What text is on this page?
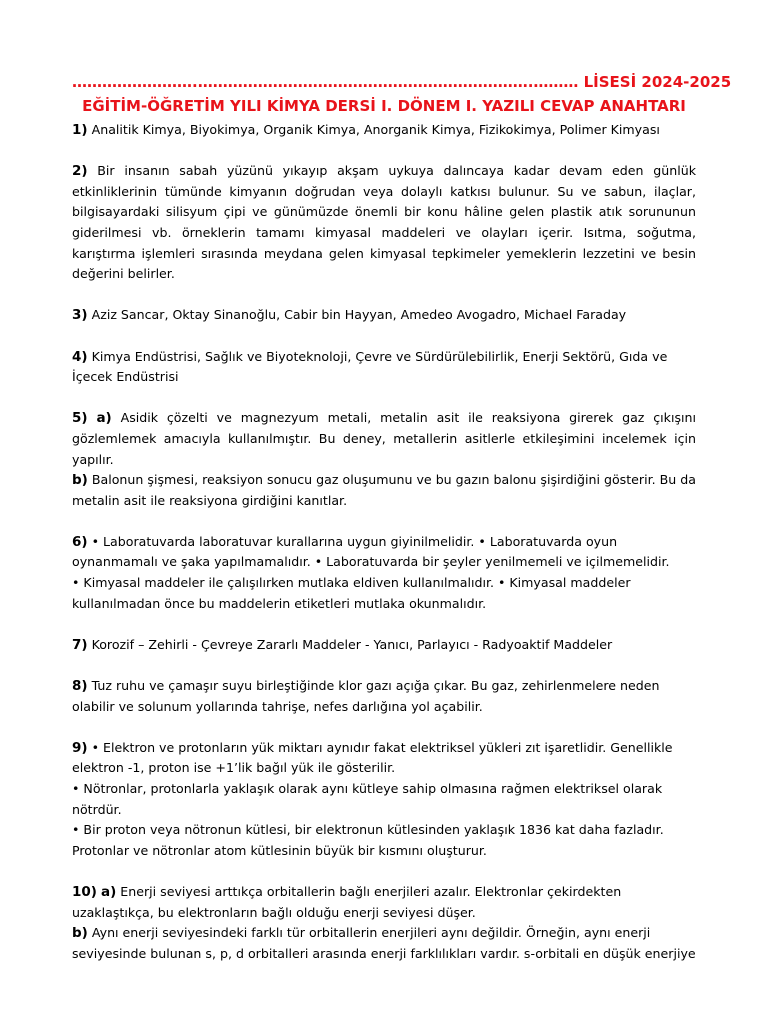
…………………….………………………………………………………….……… LİSESİ 2024-2025
EĞİTİM-ÖĞRETİM YILI KİMYA DERSİ I. DÖNEM I. YAZILI CEVAP ANAHTARI

1) Analitik Kimya, Biyokimya, Organik Kimya, Anorganik Kimya, Fizikokimya, Polimer Kimyası

2) Bir insanın sabah yüzünü yıkayıp akşam uykuya dalıncaya kadar devam eden günlük etkinliklerinin tümünde kimyanın doğrudan veya dolaylı katkısı bulunur. Su ve sabun, ilaçlar, bilgisayardaki silisyum çipi ve günümüzde önemli bir konu hâline gelen plastik atık sorununun giderilmesi vb. örneklerin tamamı kimyasal maddeleri ve olayları içerir. Isıtma, soğutma, karıştırma işlemleri sırasında meydana gelen kimyasal tepkimeler yemeklerin lezzetini ve besin değerini belirler.

3) Aziz Sancar, Oktay Sinanoğlu, Cabir bin Hayyan, Amedeo Avogadro, Michael Faraday

4) Kimya Endüstrisi, Sağlık ve Biyoteknoloji, Çevre ve Sürdürülebilirlik, Enerji Sektörü, Gıda ve İçecek Endüstrisi

5) a) Asidik çözelti ve magnezyum metali, metalin asit ile reaksiyona girerek gaz çıkışını gözlemlemek amacıyla kullanılmıştır. Bu deney, metallerin asitlerle etkileşimini incelemek için yapılır.
b) Balonun şişmesi, reaksiyon sonucu gaz oluşumunu ve bu gazın balonu şişirdiğini gösterir. Bu da metalin asit ile reaksiyona girdiğini kanıtlar.

6) • Laboratuvarda laboratuvar kurallarına uygun giyinilmelidir. • Laboratuvarda oyun oynanmamalı ve şaka yapılmamalıdır. • Laboratuvarda bir şeyler yenilmemeli ve içilmemelidir.
• Kimyasal maddeler ile çalışılırken mutlaka eldiven kullanılmalıdır. • Kimyasal maddeler kullanılmadan önce bu maddelerin etiketleri mutlaka okunmalıdır.

7) Korozif – Zehirli - Çevreye Zararlı Maddeler - Yanıcı, Parlayıcı - Radyoaktif Maddeler

8) Tuz ruhu ve çamaşır suyu birleştiğinde klor gazı açığa çıkar. Bu gaz, zehirlenmelere neden olabilir ve solunum yollarında tahrişe, nefes darlığına yol açabilir.

9) • Elektron ve protonların yük miktarı aynıdır fakat elektriksel yükleri zıt işaretlidir. Genellikle elektron -1, proton ise +1’lik bağıl yük ile gösterilir.
• Nötronlar, protonlarla yaklaşık olarak aynı kütleye sahip olmasına rağmen elektriksel olarak nötrdür.
• Bir proton veya nötronun kütlesi, bir elektronun kütlesinden yaklaşık 1836 kat daha fazladır. Protonlar ve nötronlar atom kütlesinin büyük bir kısmını oluşturur.

10) a) Enerji seviyesi arttıkça orbitallerin bağlı enerjileri azalır. Elektronlar çekirdekten uzaklaştıkça, bu elektronların bağlı olduğu enerji seviyesi düşer.
b) Aynı enerji seviyesindeki farklı tür orbitallerin enerjileri aynı değildir. Örneğin, aynı enerji seviyesinde bulunan s, p, d orbitalleri arasında enerji farklılıkları vardır. s-orbitali en düşük enerjiye
